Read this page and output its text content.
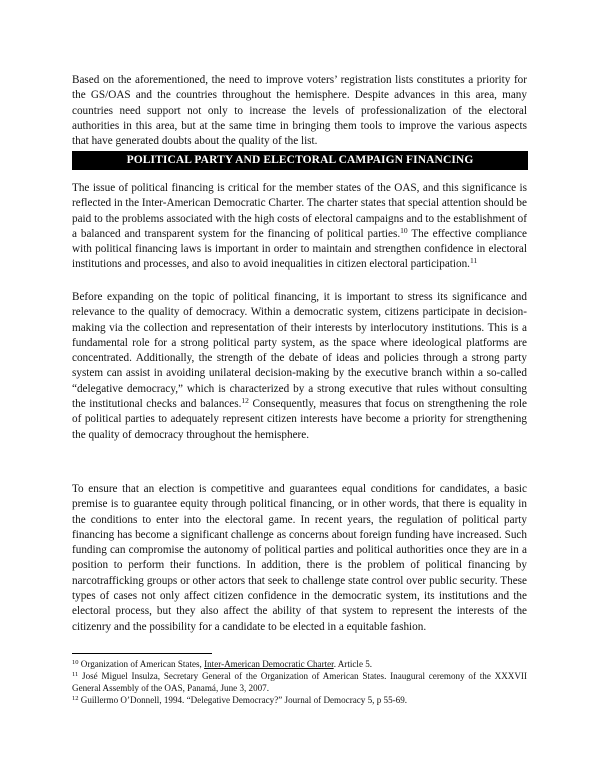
Based on the aforementioned, the need to improve voters’ registration lists constitutes a priority for the GS/OAS and the countries throughout the hemisphere. Despite advances in this area, many countries need support not only to increase the levels of professionalization of the electoral authorities in this area, but at the same time in bringing them tools to improve the various aspects that have generated doubts about the quality of the list.

POLITICAL PARTY AND ELECTORAL CAMPAIGN FINANCING

The issue of political financing is critical for the member states of the OAS, and this significance is reflected in the Inter-American Democratic Charter. The charter states that special attention should be paid to the problems associated with the high costs of electoral campaigns and to the establishment of a balanced and transparent system for the financing of political parties.$^{10}$ The effective compliance with political financing laws is important in order to maintain and strengthen confidence in electoral institutions and processes, and also to avoid inequalities in citizen electoral participation.$^{11}$

Before expanding on the topic of political financing, it is important to stress its significance and relevance to the quality of democracy. Within a democratic system, citizens participate in decision-making via the collection and representation of their interests by interlocutory institutions. This is a fundamental role for a strong political party system, as the space where ideological platforms are concentrated. Additionally, the strength of the debate of ideas and policies through a strong party system can assist in avoiding unilateral decision-making by the executive branch within a so-called “delegative democracy,” which is characterized by a strong executive that rules without consulting the institutional checks and balances.$^{12}$ Consequently, measures that focus on strengthening the role of political parties to adequately represent citizen interests have become a priority for strengthening the quality of democracy throughout the hemisphere.

To ensure that an election is competitive and guarantees equal conditions for candidates, a basic premise is to guarantee equity through political financing, or in other words, that there is equality in the conditions to enter into the electoral game. In recent years, the regulation of political party financing has become a significant challenge as concerns about foreign funding have increased. Such funding can compromise the autonomy of political parties and political authorities once they are in a position to perform their functions. In addition, there is the problem of political financing by narcotrafficking groups or other actors that seek to challenge state control over public security. These types of cases not only affect citizen confidence in the democratic system, its institutions and the electoral process, but they also affect the ability of that system to represent the interests of the citizenry and the possibility for a candidate to be elected in a equitable fashion.

$^{10}$ Organization of American States, Inter-American Democratic Charter. Article 5.

$^{11}$ José Miguel Insulza, Secretary General of the Organization of American States. Inaugural ceremony of the XXXVII General Assembly of the OAS, Panamá, June 3, 2007.

$^{12}$ Guillermo O’Donnell, 1994. “Delegative Democracy?” Journal of Democracy 5, p 55-69.
